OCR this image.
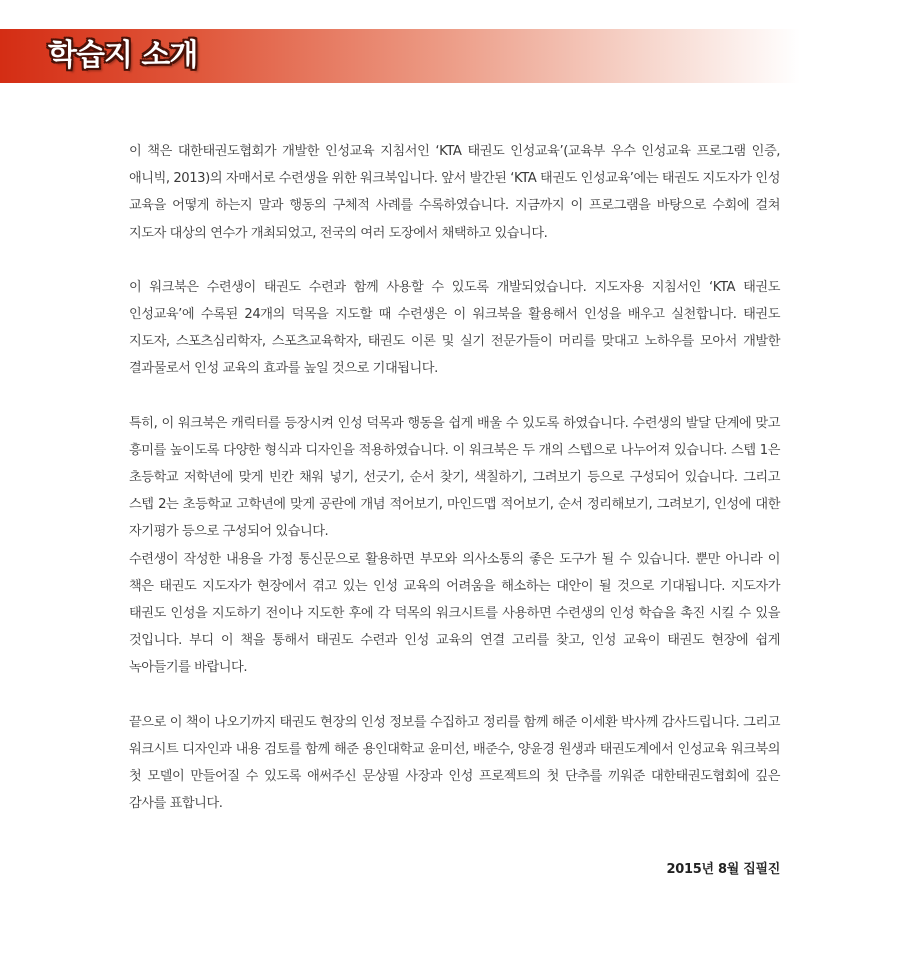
학습지 소개

이 책은 대한태권도협회가 개발한 인성교육 지침서인 ‘KTA 태권도 인성교육’(교육부 우수 인성교육 프로그램 인증, 애니빅, 2013)의 자매서로 수련생을 위한 워크북입니다. 앞서 발간된 ‘KTA 태권도 인성교육’에는 태권도 지도자가 인성 교육을 어떻게 하는지 말과 행동의 구체적 사례를 수록하였습니다. 지금까지 이 프로그램을 바탕으로 수회에 걸쳐 지도자 대상의 연수가 개최되었고, 전국의 여러 도장에서 채택하고 있습니다.

이 워크북은 수련생이 태권도 수련과 함께 사용할 수 있도록 개발되었습니다. 지도자용 지침서인 ‘KTA 태권도 인성교육’에 수록된 24개의 덕목을 지도할 때 수련생은 이 워크북을 활용해서 인성을 배우고 실천합니다. 태권도 지도자, 스포츠심리학자, 스포츠교육학자, 태권도 이론 및 실기 전문가들이 머리를 맞대고 노하우를 모아서 개발한 결과물로서 인성 교육의 효과를 높일 것으로 기대됩니다.

특히, 이 워크북은 캐릭터를 등장시켜 인성 덕목과 행동을 쉽게 배울 수 있도록 하였습니다. 수련생의 발달 단계에 맞고 흥미를 높이도록 다양한 형식과 디자인을 적용하였습니다. 이 워크북은 두 개의 스텝으로 나누어져 있습니다. 스텝 1은 초등학교 저학년에 맞게 빈칸 채워 넣기, 선긋기, 순서 찾기, 색칠하기, 그려보기 등으로 구성되어 있습니다. 그리고 스텝 2는 초등학교 고학년에 맞게 공란에 개념 적어보기, 마인드맵 적어보기, 순서 정리해보기, 그려보기, 인성에 대한 자기평가 등으로 구성되어 있습니다.

수련생이 작성한 내용을 가정 통신문으로 활용하면 부모와 의사소통의 좋은 도구가 될 수 있습니다. 뿐만 아니라 이 책은 태권도 지도자가 현장에서 겪고 있는 인성 교육의 어려움을 해소하는 대안이 될 것으로 기대됩니다. 지도자가 태권도 인성을 지도하기 전이나 지도한 후에 각 덕목의 워크시트를 사용하면 수련생의 인성 학습을 촉진 시킬 수 있을 것입니다. 부디 이 책을 통해서 태권도 수련과 인성 교육의 연결 고리를 찾고, 인성 교육이 태권도 현장에 쉽게 녹아들기를 바랍니다.

끝으로 이 책이 나오기까지 태권도 현장의 인성 정보를 수집하고 정리를 함께 해준 이세환 박사께 감사드립니다. 그리고 워크시트 디자인과 내용 검토를 함께 해준 용인대학교 윤미선, 배준수, 양윤경 원생과 태권도계에서 인성교육 워크북의 첫 모델이 만들어질 수 있도록 애써주신 문상필 사장과 인성 프로젝트의 첫 단추를 끼워준 대한태권도협회에 깊은 감사를 표합니다.

2015년 8월 집필진
